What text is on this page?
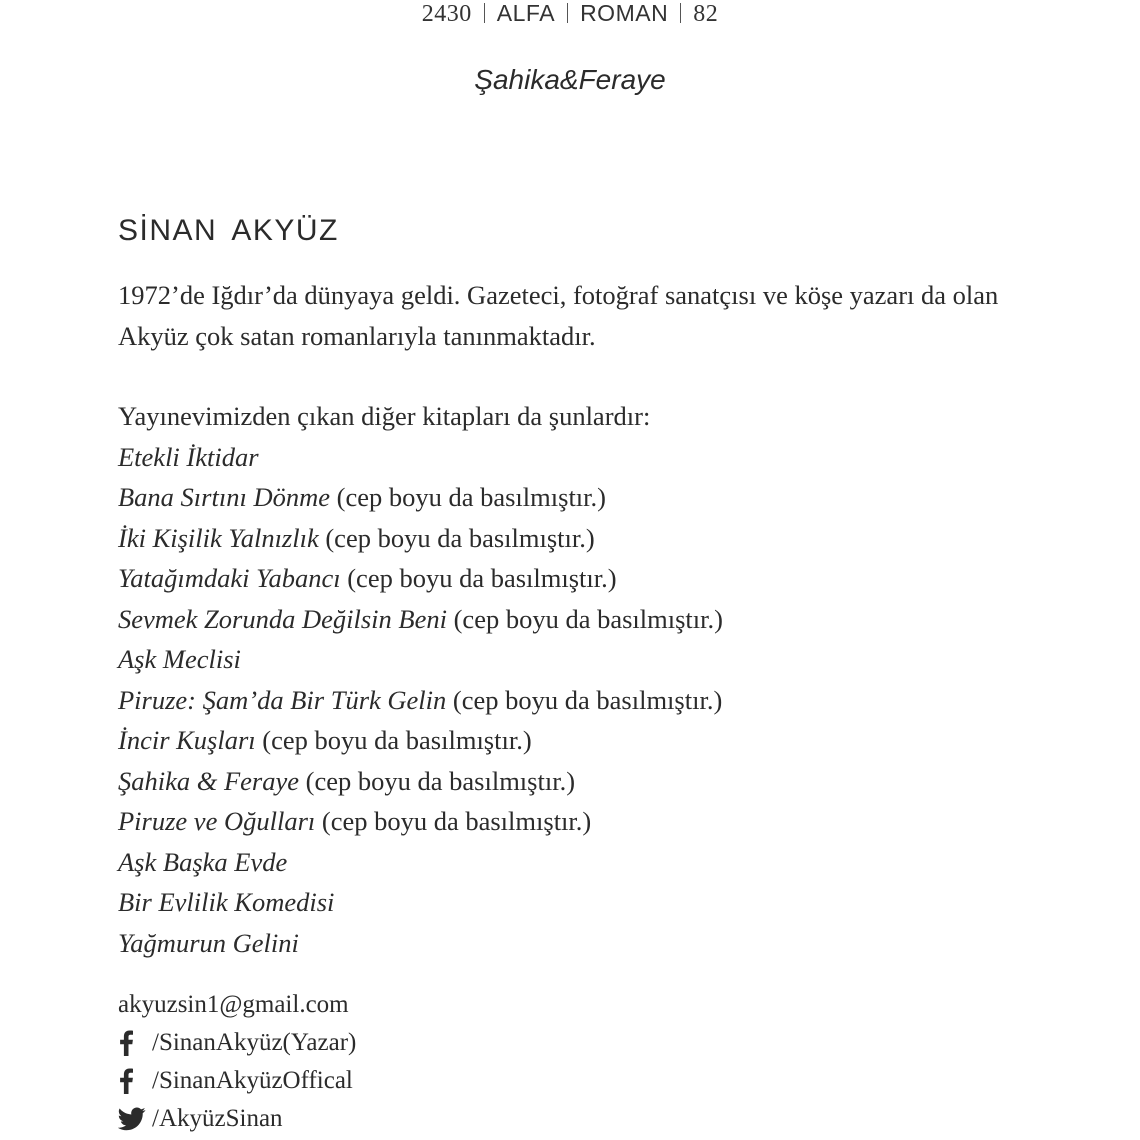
2430 ALFA ROMAN 82
Şahika&Feraye
SİNAN AKYÜZ

1972’de Iğdır’da dünyaya geldi. Gazeteci, fotoğraf sanatçısı ve köşe yazarı da olan Akyüz çok satan romanlarıyla tanınmaktadır.

Yayınevimizden çıkan diğer kitapları da şunlardır:
Etekli İktidar
Bana Sırtını Dönme (cep boyu da basılmıştır.)
İki Kişilik Yalnızlık (cep boyu da basılmıştır.)
Yatağımdaki Yabancı (cep boyu da basılmıştır.)
Sevmek Zorunda Değilsin Beni (cep boyu da basılmıştır.)
Aşk Meclisi
Piruze: Şam’da Bir Türk Gelin (cep boyu da basılmıştır.)
İncir Kuşları (cep boyu da basılmıştır.)
Şahika & Feraye (cep boyu da basılmıştır.)
Piruze ve Oğulları (cep boyu da basılmıştır.)
Aşk Başka Evde
Bir Evlilik Komedisi
Yağmurun Gelini
akyuzsin1@gmail.com
/SinanAkyüz(Yazar)
/SinanAkyüzOffical
/AkyüzSinan
